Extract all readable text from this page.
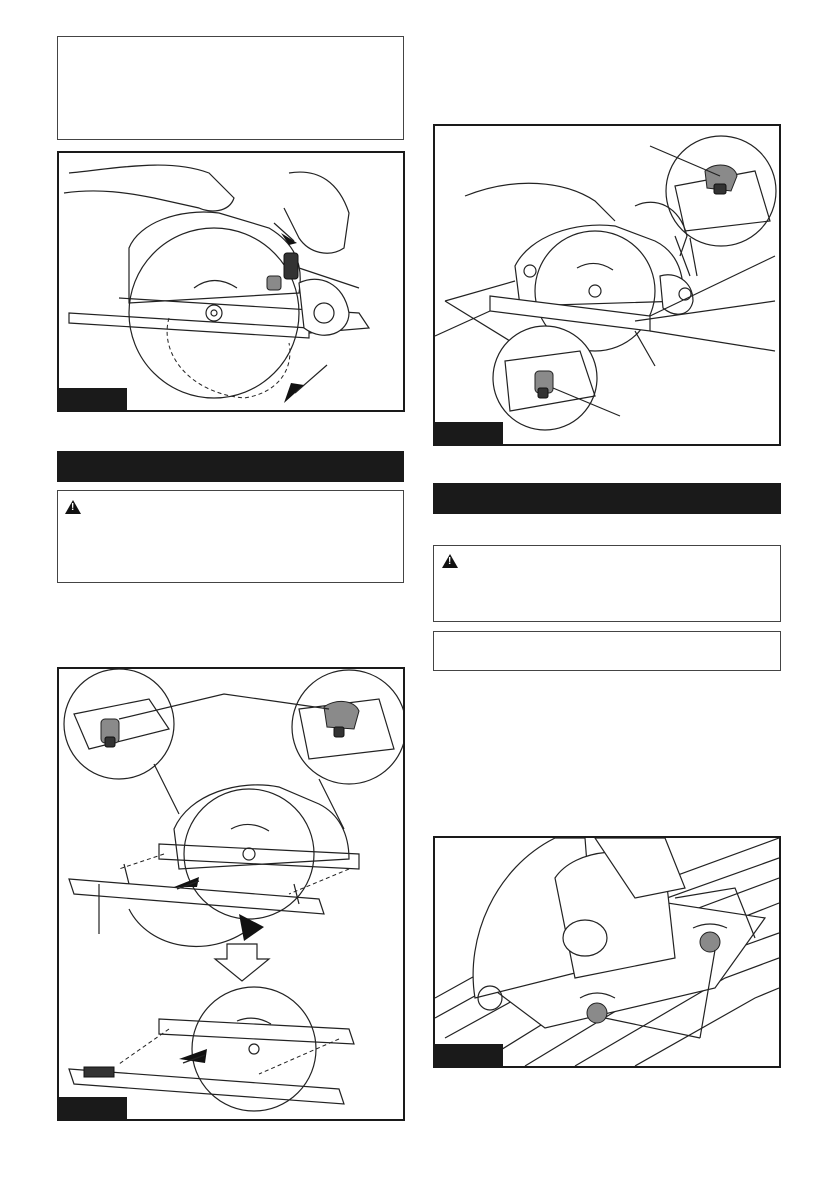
!
!
